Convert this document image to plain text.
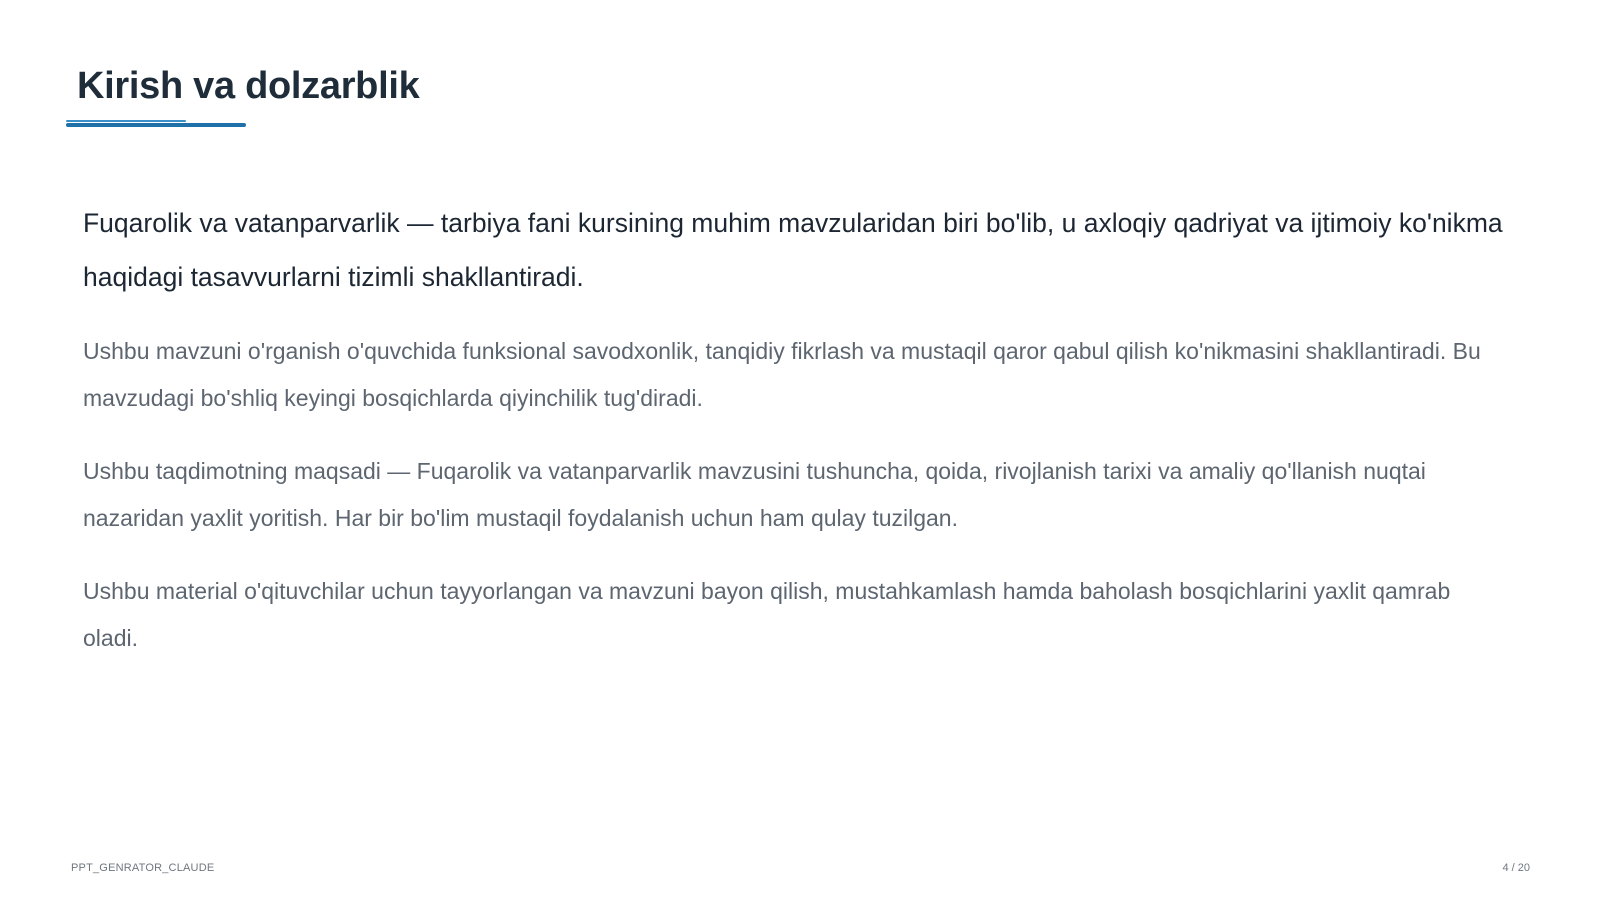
Kirish va dolzarblik

Fuqarolik va vatanparvarlik — tarbiya fani kursining muhim mavzularidan biri bo'lib, u axloqiy qadriyat va ijtimoiy ko'nikma haqidagi tasavvurlarni tizimli shakllantiradi.

Ushbu mavzuni o'rganish o'quvchida funksional savodxonlik, tanqidiy fikrlash va mustaqil qaror qabul qilish ko'nikmasini shakllantiradi. Bu mavzudagi bo'shliq keyingi bosqichlarda qiyinchilik tug'diradi.

Ushbu taqdimotning maqsadi — Fuqarolik va vatanparvarlik mavzusini tushuncha, qoida, rivojlanish tarixi va amaliy qo'llanish nuqtai nazaridan yaxlit yoritish. Har bir bo'lim mustaqil foydalanish uchun ham qulay tuzilgan.

Ushbu material o'qituvchilar uchun tayyorlangan va mavzuni bayon qilish, mustahkamlash hamda baholash bosqichlarini yaxlit qamrab oladi.

PPT_GENRATOR_CLAUDE	4 / 20
